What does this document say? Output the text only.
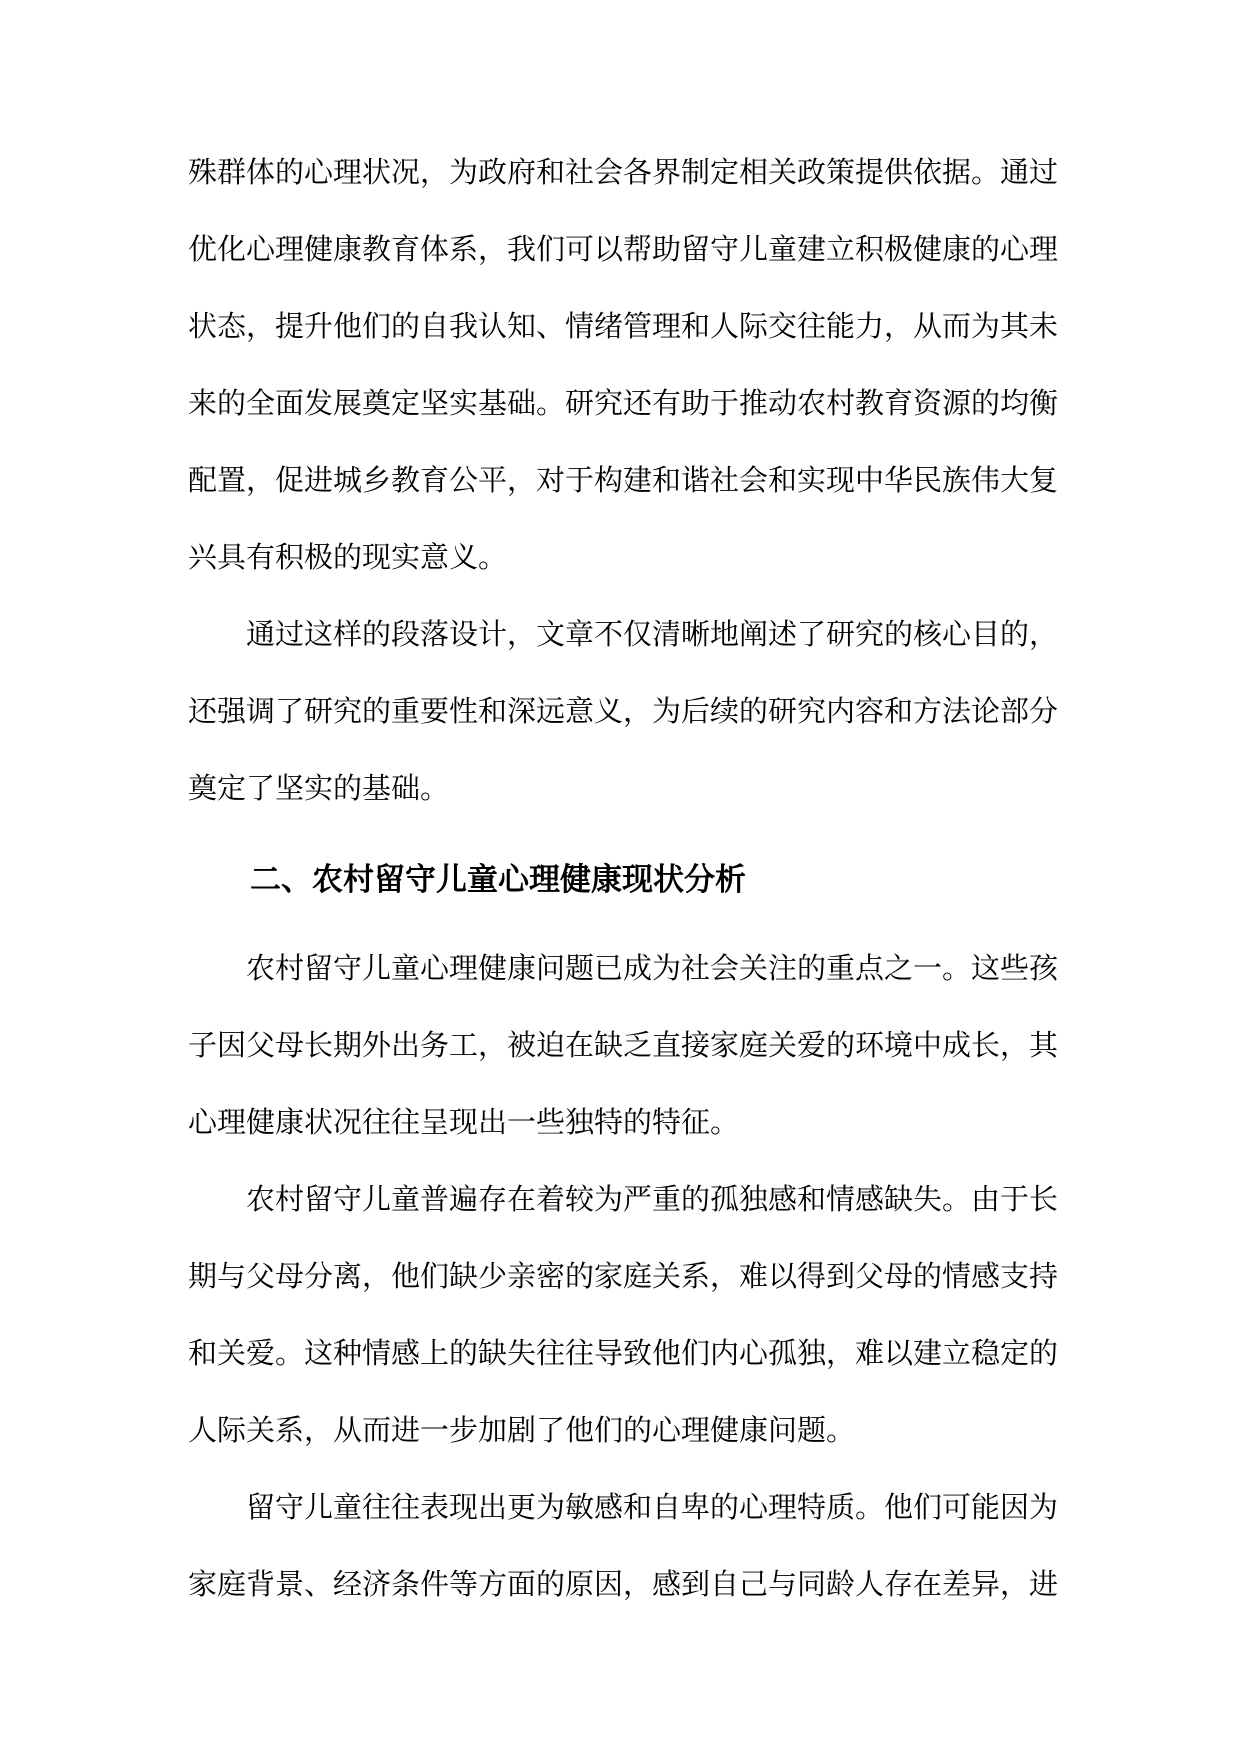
殊群体的心理状况，为政府和社会各界制定相关政策提供依据。通过
优化心理健康教育体系，我们可以帮助留守儿童建立积极健康的心理
状态，提升他们的自我认知、情绪管理和人际交往能力，从而为其未
来的全面发展奠定坚实基础。研究还有助于推动农村教育资源的均衡
配置，促进城乡教育公平，对于构建和谐社会和实现中华民族伟大复
兴具有积极的现实意义。
通过这样的段落设计，文章不仅清晰地阐述了研究的核心目的，
还强调了研究的重要性和深远意义，为后续的研究内容和方法论部分
奠定了坚实的基础。
二、农村留守儿童心理健康现状分析
农村留守儿童心理健康问题已成为社会关注的重点之一。这些孩
子因父母长期外出务工，被迫在缺乏直接家庭关爱的环境中成长，其
心理健康状况往往呈现出一些独特的特征。
农村留守儿童普遍存在着较为严重的孤独感和情感缺失。由于长
期与父母分离，他们缺少亲密的家庭关系，难以得到父母的情感支持
和关爱。这种情感上的缺失往往导致他们内心孤独，难以建立稳定的
人际关系，从而进一步加剧了他们的心理健康问题。
留守儿童往往表现出更为敏感和自卑的心理特质。他们可能因为
家庭背景、经济条件等方面的原因，感到自己与同龄人存在差异，进
